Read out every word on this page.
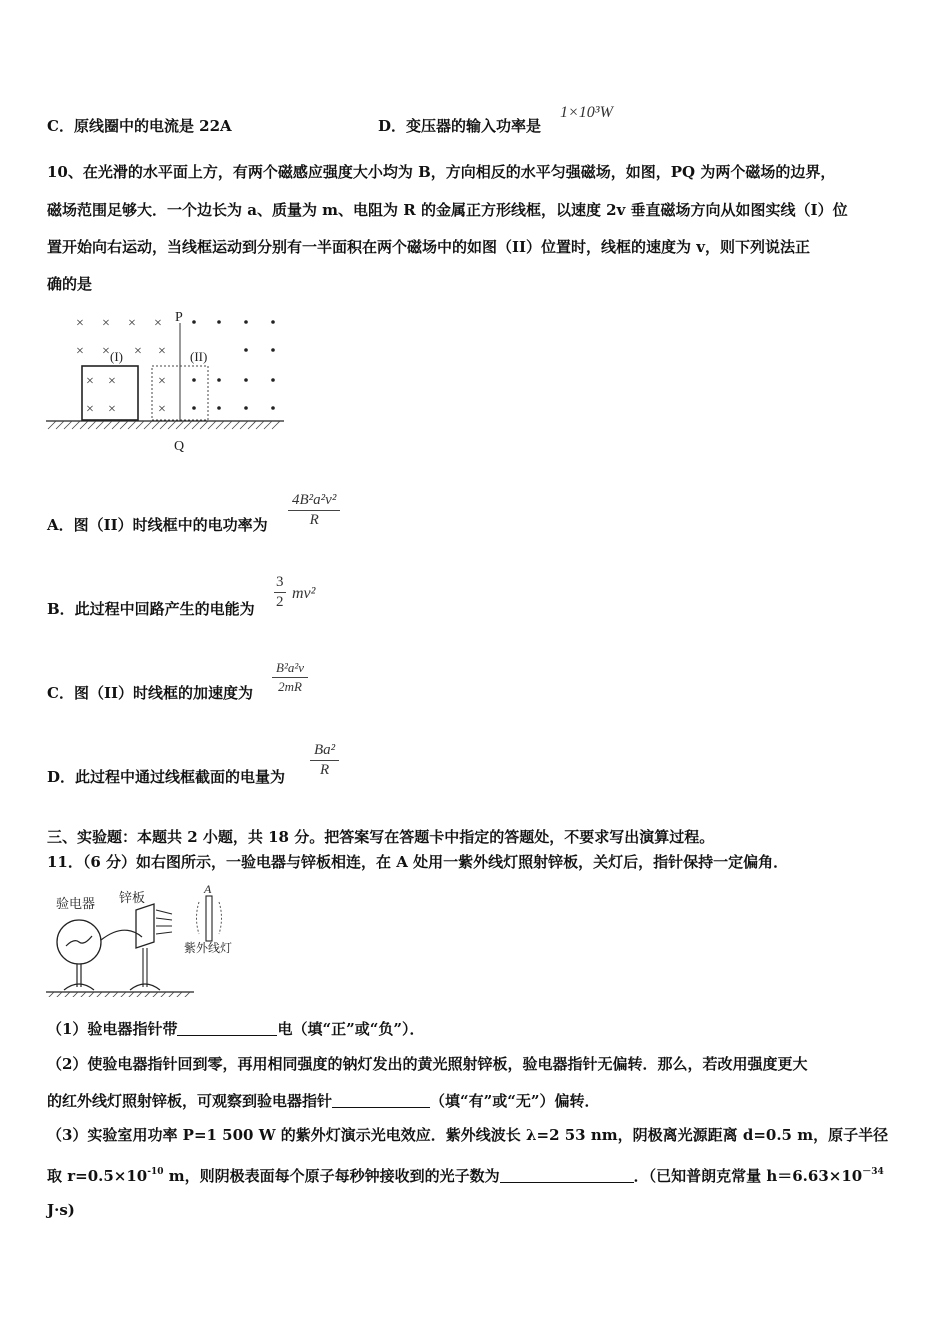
C．原线圈中的电流是 22A	D．变压器的输入功率是
1×10³W
10、在光滑的水平面上方，有两个磁感应强度大小均为 B，方向相反的水平匀强磁场，如图，PQ 为两个磁场的边界，
磁场范围足够大．一个边长为 a、质量为 m、电阻为 R 的金属正方形线框，以速度 2v 垂直磁场方向从如图实线（I）位
置开始向右运动，当线框运动到分别有一半面积在两个磁场中的如图（II）位置时，线框的速度为 v，则下列说法正
确的是
× × × ×
× × × ×
× ×	×
× ×	×
P
Q
(I)	(II)
A．图（II）时线框中的电功率为
4B²a²v²
R
B．此过程中回路产生的电能为
3
2 mv²
C．图（II）时线框的加速度为
B²a²v
2mR
D．此过程中通过线框截面的电量为
Ba²
R
三、实验题：本题共 2 小题，共 18 分。把答案写在答题卡中指定的答题处，不要求写出演算过程。
11．（6 分）如右图所示，一验电器与锌板相连，在 A 处用一紫外线灯照射锌板，关灯后，指针保持一定偏角．
验电器 锌板
A
紫外线灯
（1）验电器指针带	电（填“正”或“负”）．
（2）使验电器指针回到零，再用相同强度的钠灯发出的黄光照射锌板，验电器指针无偏转．那么，若改用强度更大
的红外线灯照射锌板，可观察到验电器指针	（填“有”或“无”）偏转．
（3）实验室用功率 P=1 500 W 的紫外灯演示光电效应．紫外线波长 λ=2 53 nm，阴极离光源距离 d=0.5 m，原子半径
取 $r=0.5\times 10^{-10}$ m，则阴极表面每个原子每秒钟接收到的光子数为	．（已知普朗克常量 $h=6.63\times 10^{-34}$
J·s)
